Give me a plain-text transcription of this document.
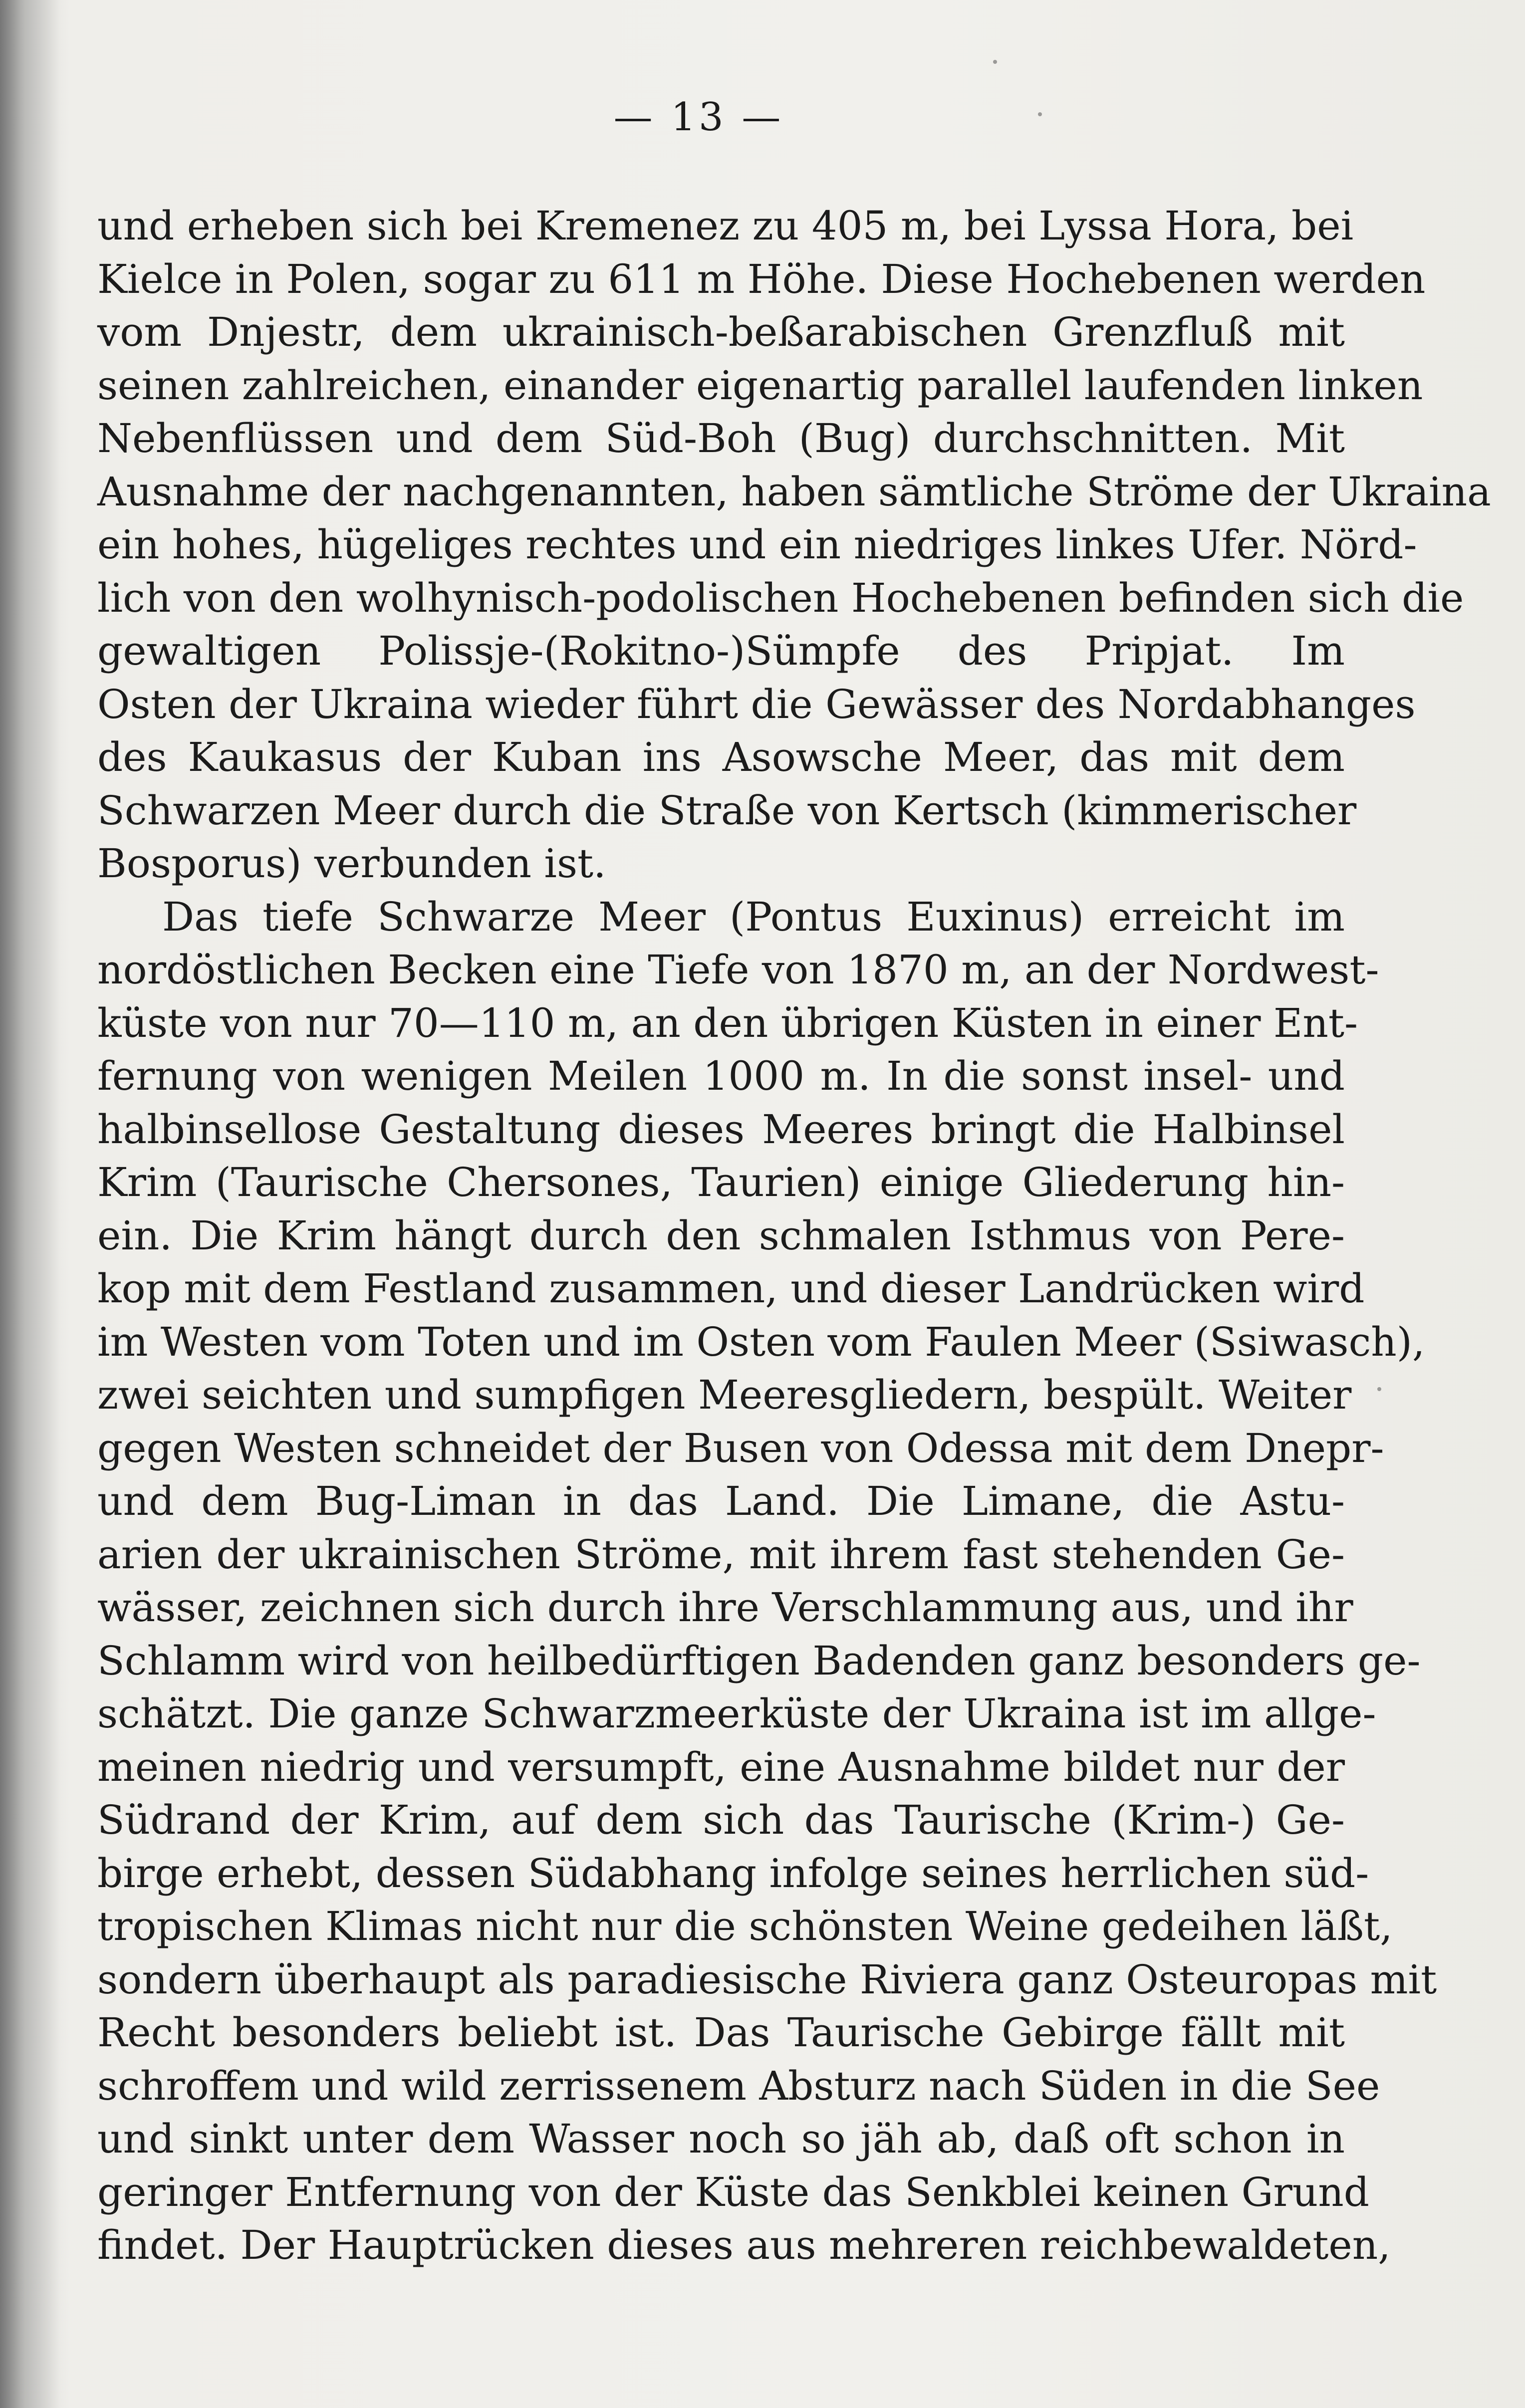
— 13 —
und erheben sich bei Kremenez zu 405 m, bei Lyssa Hora, bei
Kielce in Polen, sogar zu 611 m Höhe. Diese Hochebenen werden
vom Dnjestr, dem ukrainisch-beßarabischen Grenzfluß mit
seinen zahlreichen, einander eigenartig parallel laufenden linken
Nebenflüssen und dem Süd-Boh (Bug) durchschnitten. Mit
Ausnahme der nachgenannten, haben sämtliche Ströme der Ukraina
ein hohes, hügeliges rechtes und ein niedriges linkes Ufer. Nörd-
lich von den wolhynisch-podolischen Hochebenen befinden sich die
gewaltigen Polissje-(Rokitno-)Sümpfe des Pripjat. Im
Osten der Ukraina wieder führt die Gewässer des Nordabhanges
des Kaukasus der Kuban ins Asowsche Meer, das mit dem
Schwarzen Meer durch die Straße von Kertsch (kimmerischer
Bosporus) verbunden ist.
Das tiefe Schwarze Meer (Pontus Euxinus) erreicht im
nordöstlichen Becken eine Tiefe von 1870 m, an der Nordwest-
küste von nur 70—110 m, an den übrigen Küsten in einer Ent-
fernung von wenigen Meilen 1000 m. In die sonst insel- und
halbinsellose Gestaltung dieses Meeres bringt die Halbinsel
Krim (Taurische Chersones, Taurien) einige Gliederung hin-
ein. Die Krim hängt durch den schmalen Isthmus von Pere-
kop mit dem Festland zusammen, und dieser Landrücken wird
im Westen vom Toten und im Osten vom Faulen Meer (Ssiwasch),
zwei seichten und sumpfigen Meeresgliedern, bespült. Weiter
gegen Westen schneidet der Busen von Odessa mit dem Dnepr-
und dem Bug-Liman in das Land. Die Limane, die Astu-
arien der ukrainischen Ströme, mit ihrem fast stehenden Ge-
wässer, zeichnen sich durch ihre Verschlammung aus, und ihr
Schlamm wird von heilbedürftigen Badenden ganz besonders ge-
schätzt. Die ganze Schwarzmeerküste der Ukraina ist im allge-
meinen niedrig und versumpft, eine Ausnahme bildet nur der
Südrand der Krim, auf dem sich das Taurische (Krim-) Ge-
birge erhebt, dessen Südabhang infolge seines herrlichen süd-
tropischen Klimas nicht nur die schönsten Weine gedeihen läßt,
sondern überhaupt als paradiesische Riviera ganz Osteuropas mit
Recht besonders beliebt ist. Das Taurische Gebirge fällt mit
schroffem und wild zerrissenem Absturz nach Süden in die See
und sinkt unter dem Wasser noch so jäh ab, daß oft schon in
geringer Entfernung von der Küste das Senkblei keinen Grund
findet. Der Hauptrücken dieses aus mehreren reichbewaldeten,
